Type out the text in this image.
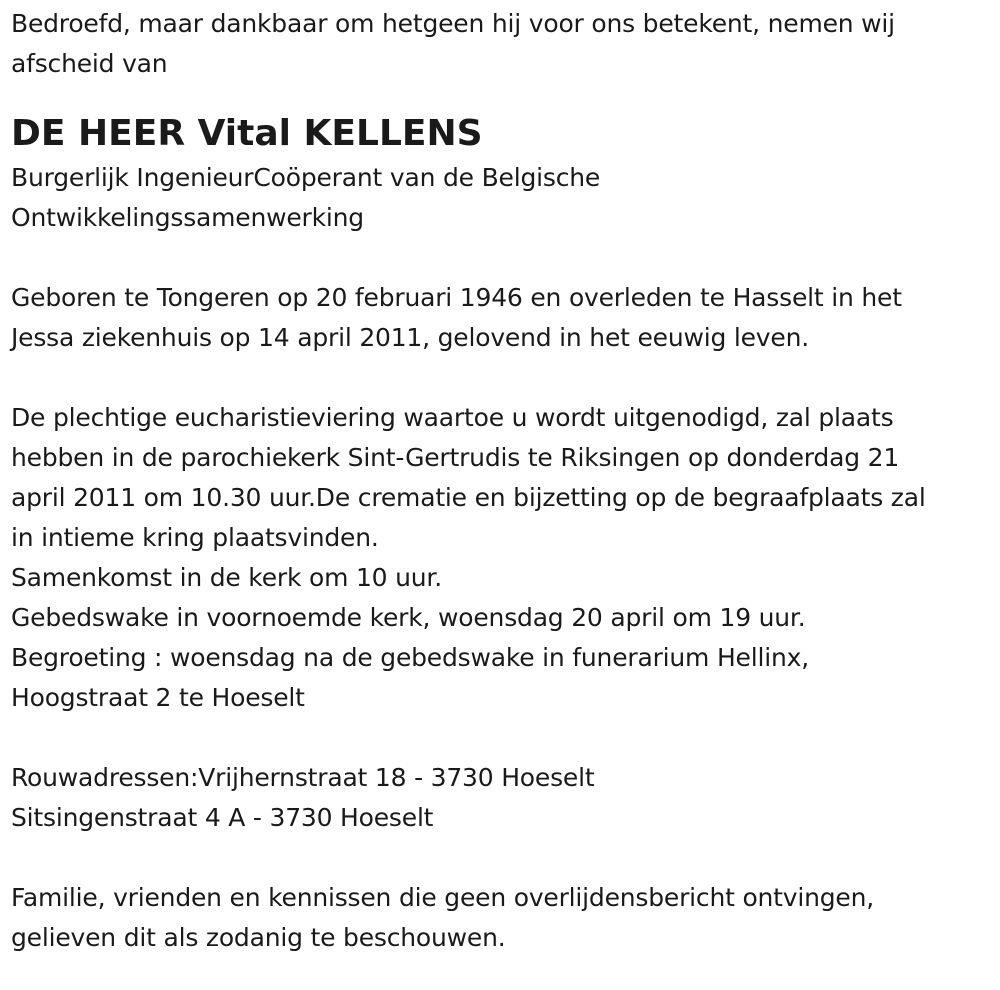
Bedroefd, maar dankbaar om hetgeen hij voor ons betekent, nemen wij
afscheid van
DE HEER Vital KELLENS
Burgerlijk IngenieurCoöperant van de Belgische
Ontwikkelingssamenwerking
Geboren te Tongeren op 20 februari 1946 en overleden te Hasselt in het
Jessa ziekenhuis op 14 april 2011, gelovend in het eeuwig leven.
De plechtige eucharistieviering waartoe u wordt uitgenodigd, zal plaats
hebben in de parochiekerk Sint-Gertrudis te Riksingen op donderdag 21
april 2011 om 10.30 uur.De crematie en bijzetting op de begraafplaats zal
in intieme kring plaatsvinden.
Samenkomst in de kerk om 10 uur.
Gebedswake in voornoemde kerk, woensdag 20 april om 19 uur.
Begroeting : woensdag na de gebedswake in funerarium Hellinx,
Hoogstraat 2 te Hoeselt
Rouwadressen:Vrijhernstraat 18 - 3730 Hoeselt
Sitsingenstraat 4 A - 3730 Hoeselt
Familie, vrienden en kennissen die geen overlijdensbericht ontvingen,
gelieven dit als zodanig te beschouwen.
